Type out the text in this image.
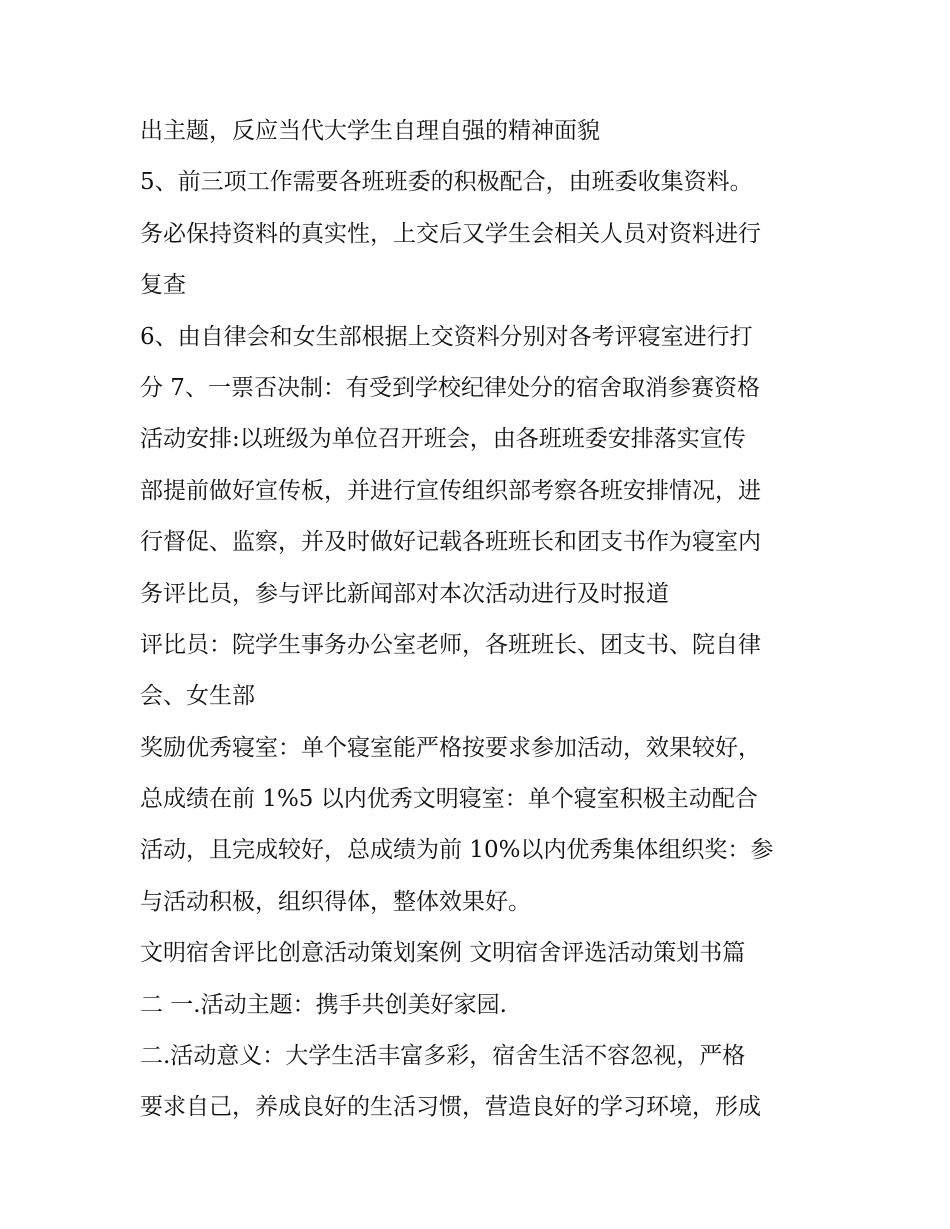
出主题，反应当代大学生自理自强的精神面貌
5、前三项工作需要各班班委的积极配合，由班委收集资料。
务必保持资料的真实性，上交后又学生会相关人员对资料进行
复查
6、由自律会和女生部根据上交资料分别对各考评寝室进行打
分 7、一票否决制：有受到学校纪律处分的宿舍取消参赛资格
活动安排:以班级为单位召开班会，由各班班委安排落实宣传
部提前做好宣传板，并进行宣传组织部考察各班安排情况，进
行督促、监察，并及时做好记载各班班长和团支书作为寝室内
务评比员，参与评比新闻部对本次活动进行及时报道
评比员：院学生事务办公室老师，各班班长、团支书、院自律
会、女生部
奖励优秀寝室：单个寝室能严格按要求参加活动，效果较好，
总成绩在前 1%5 以内优秀文明寝室：单个寝室积极主动配合
活动，且完成较好，总成绩为前 10%以内优秀集体组织奖：参
与活动积极，组织得体，整体效果好。
文明宿舍评比创意活动策划案例 文明宿舍评选活动策划书篇
二 一.活动主题：携手共创美好家园.
二.活动意义：大学生活丰富多彩，宿舍生活不容忽视，严格
要求自己，养成良好的生活习惯，营造良好的学习环境，形成
